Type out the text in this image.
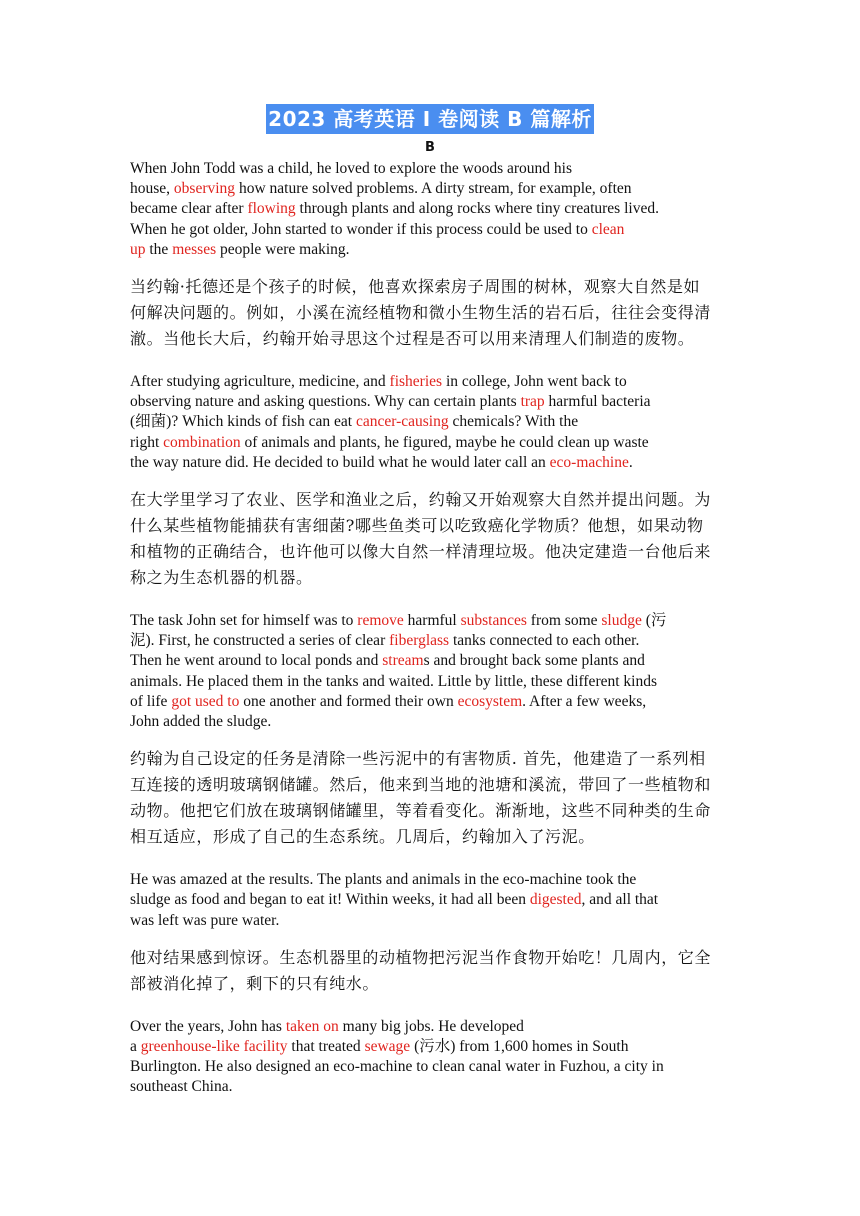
2023 高考英语 I 卷阅读 B 篇解析
B
When John Todd was a child, he loved to explore the woods around his
house, observing how nature solved problems. A dirty stream, for example, often
became clear after flowing through plants and along rocks where tiny creatures lived.
When he got older, John started to wonder if this process could be used to clean
up the messes people were making.
当约翰·托德还是个孩子的时候，他喜欢探索房子周围的树林，观察大自然是如
何解决问题的。例如，小溪在流经植物和微小生物生活的岩石后，往往会变得清
澈。当他长大后，约翰开始寻思这个过程是否可以用来清理人们制造的废物。
After studying agriculture, medicine, and fisheries in college, John went back to
observing nature and asking questions. Why can certain plants trap harmful bacteria
(细菌)? Which kinds of fish can eat cancer-causing chemicals? With the
right combination of animals and plants, he figured, maybe he could clean up waste
the way nature did. He decided to build what he would later call an eco-machine.
在大学里学习了农业、医学和渔业之后，约翰又开始观察大自然并提出问题。为
什么某些植物能捕获有害细菌?哪些鱼类可以吃致癌化学物质？他想，如果动物
和植物的正确结合，也许他可以像大自然一样清理垃圾。他决定建造一台他后来
称之为生态机器的机器。
The task John set for himself was to remove harmful substances from some sludge (污
泥). First, he constructed a series of clear fiberglass tanks connected to each other.
Then he went around to local ponds and streams and brought back some plants and
animals. He placed them in the tanks and waited. Little by little, these different kinds
of life got used to one another and formed their own ecosystem. After a few weeks,
John added the sludge.
约翰为自己设定的任务是清除一些污泥中的有害物质. 首先，他建造了一系列相
互连接的透明玻璃钢储罐。然后，他来到当地的池塘和溪流，带回了一些植物和
动物。他把它们放在玻璃钢储罐里，等着看变化。渐渐地，这些不同种类的生命
相互适应，形成了自己的生态系统。几周后，约翰加入了污泥。
He was amazed at the results. The plants and animals in the eco-machine took the
sludge as food and began to eat it! Within weeks, it had all been digested, and all that
was left was pure water.
他对结果感到惊讶。生态机器里的动植物把污泥当作食物开始吃！几周内，它全
部被消化掉了，剩下的只有纯水。
Over the years, John has taken on many big jobs. He developed
a greenhouse-like facility that treated sewage (污水) from 1,600 homes in South
Burlington. He also designed an eco-machine to clean canal water in Fuzhou, a city in
southeast China.
